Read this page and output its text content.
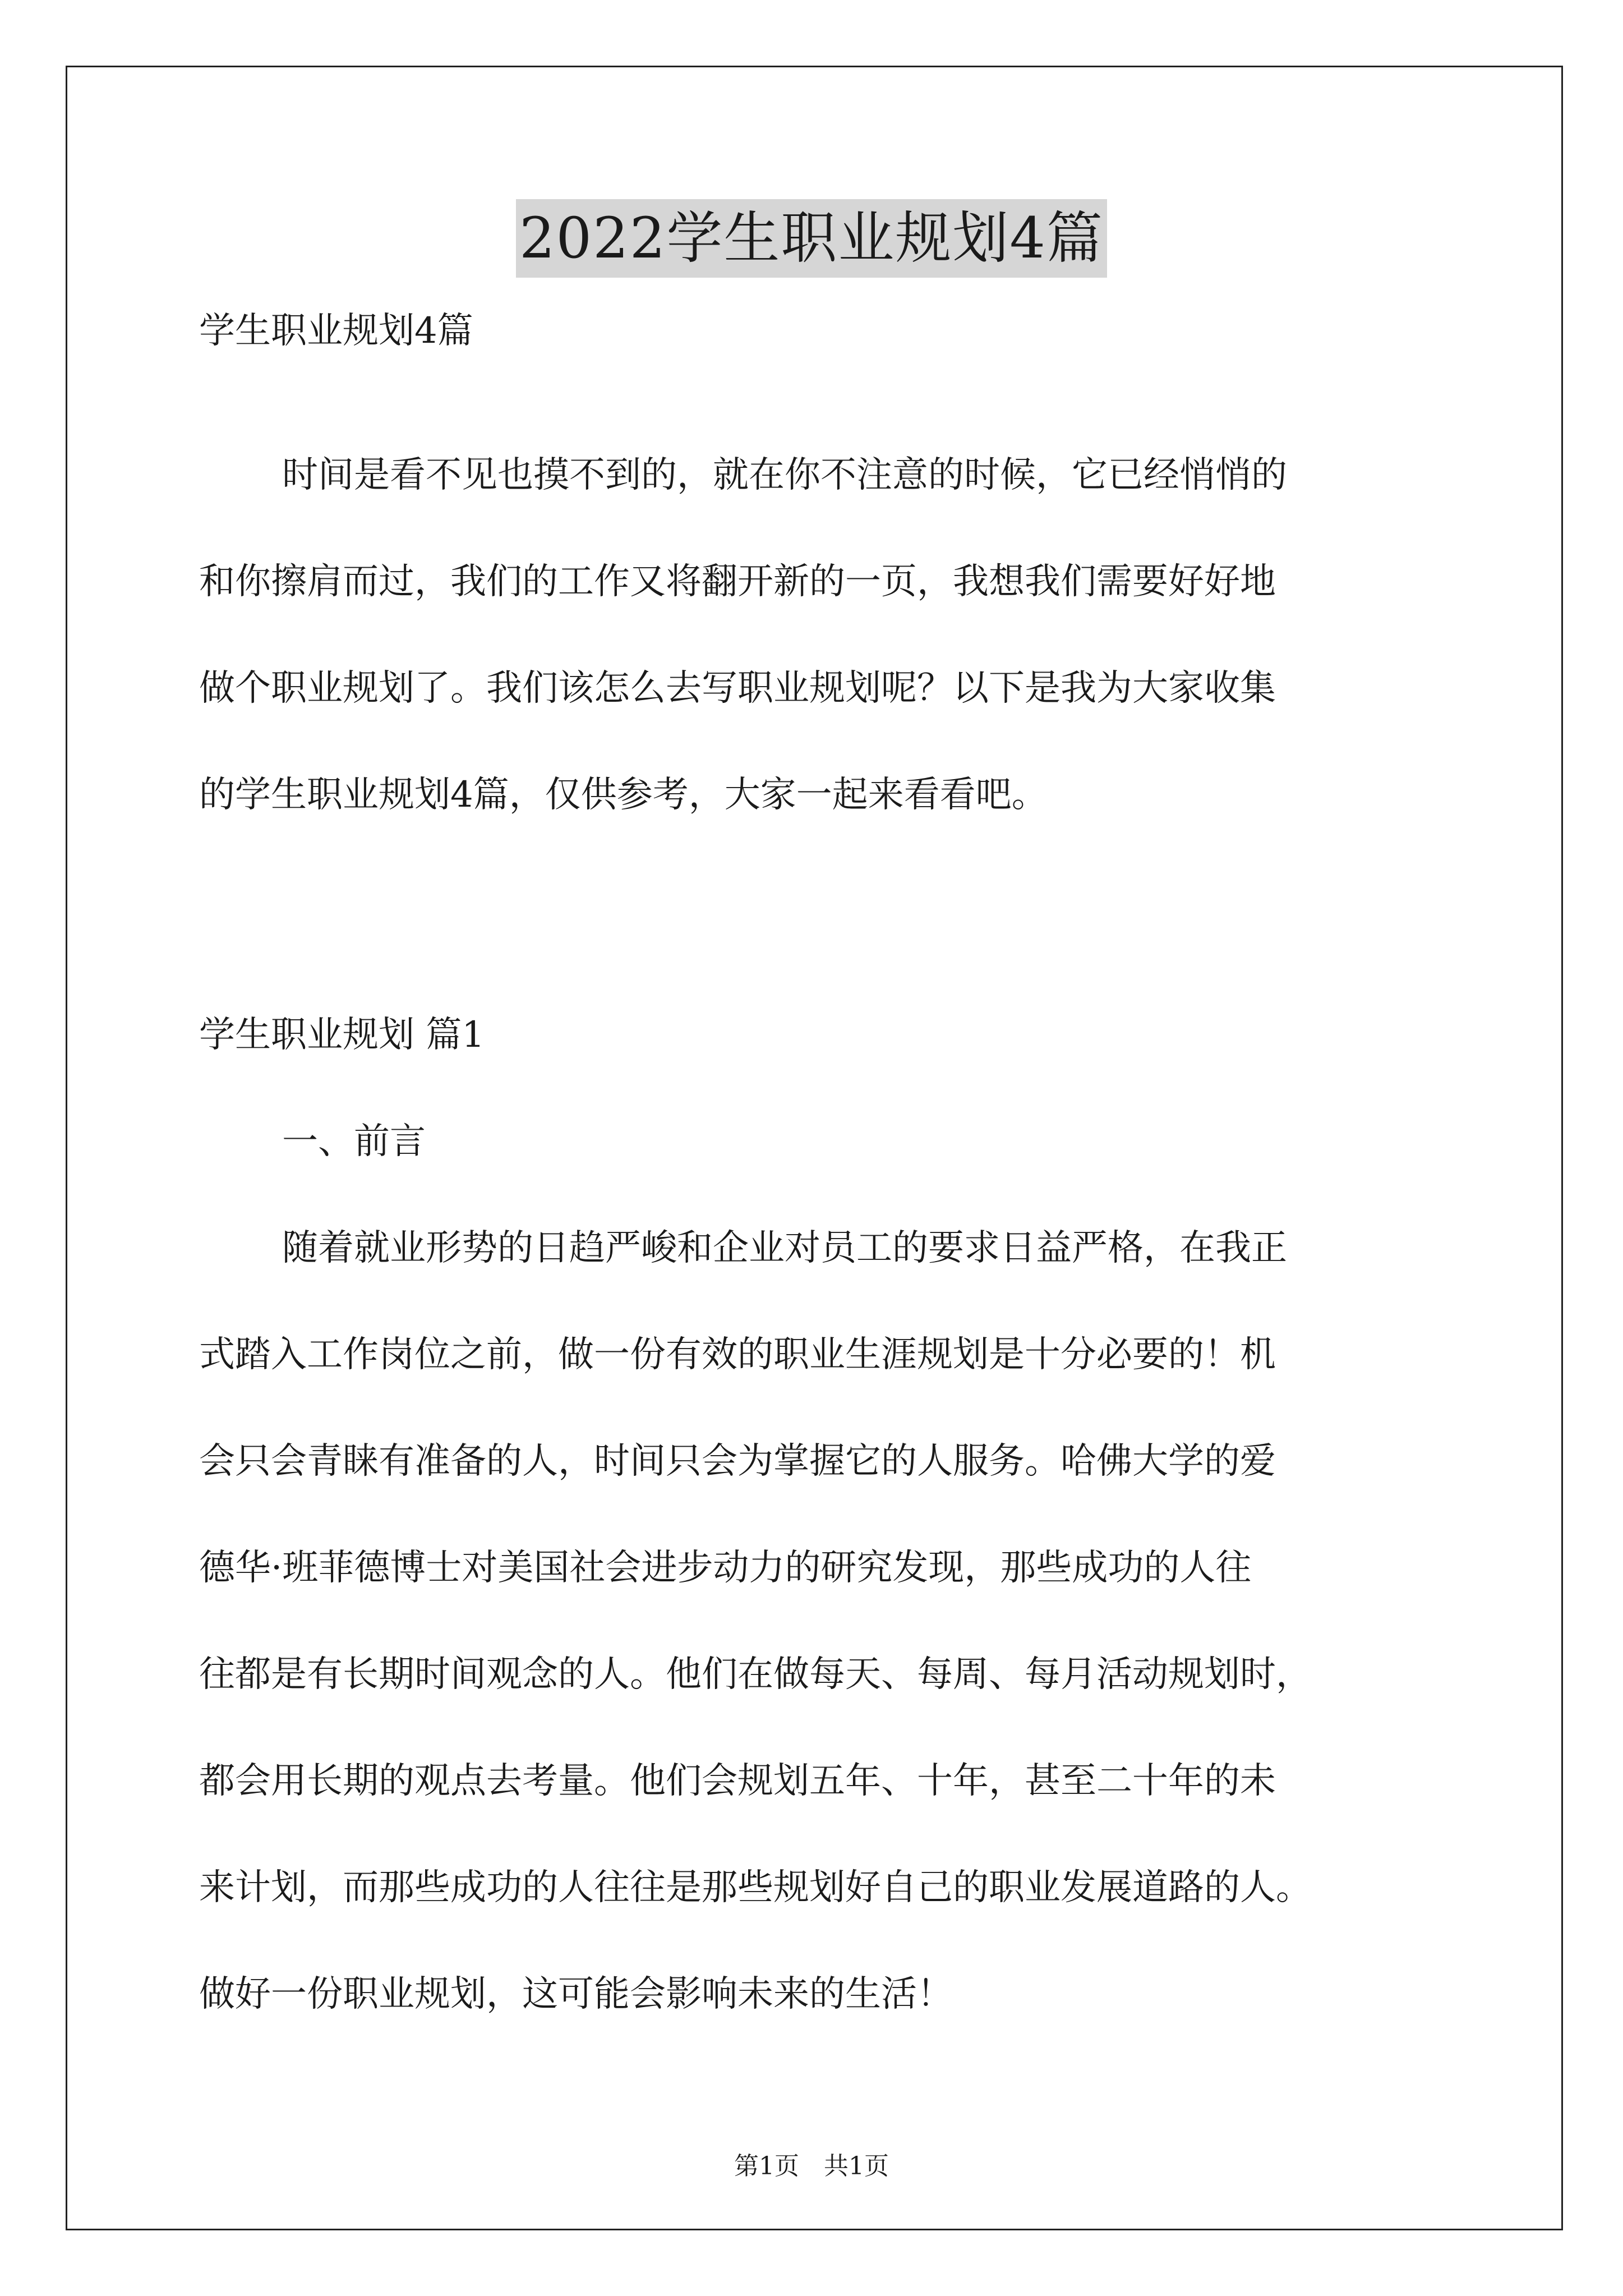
2022学生职业规划4篇

学生职业规划4篇

时间是看不见也摸不到的，就在你不注意的时候，它已经悄悄的
和你擦肩而过，我们的工作又将翻开新的一页，我想我们需要好好地
做个职业规划了。我们该怎么去写职业规划呢？以下是我为大家收集
的学生职业规划4篇，仅供参考，大家一起来看看吧。

学生职业规划 篇1

一、前言

随着就业形势的日趋严峻和企业对员工的要求日益严格，在我正
式踏入工作岗位之前，做一份有效的职业生涯规划是十分必要的！机
会只会青睐有准备的人，时间只会为掌握它的人服务。哈佛大学的爱
德华·班菲德博士对美国社会进步动力的研究发现，那些成功的人往
往都是有长期时间观念的人。他们在做每天、每周、每月活动规划时，
都会用长期的观点去考量。他们会规划五年、十年，甚至二十年的未
来计划，而那些成功的人往往是那些规划好自己的职业发展道路的人。
做好一份职业规划，这可能会影响未来的生活！
第1页　共1页
